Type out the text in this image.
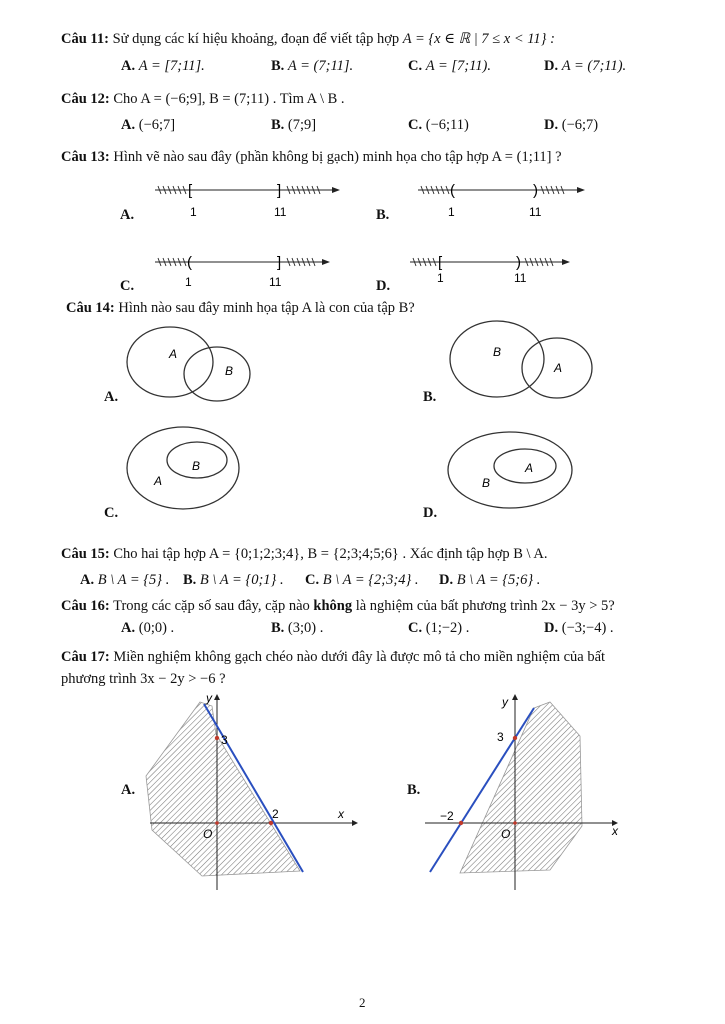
Câu 11: Sử dụng các kí hiệu khoảng, đoạn để viết tập hợp A = {x ∈ ℝ | 7 ≤ x < 11} :
A. A = [7;11].	B. A = (7;11].	C. A = [7;11).	D. A = (7;11).
Câu 12: Cho A = (−6;9], B = (7;11) . Tìm A \ B .
A. (−6;7]	B. (7;9]	C. (−6;11)	D. (−6;7)
Câu 13: Hình vẽ nào sau đây (phần không bị gạch) minh họa cho tập hợp A = (1;11] ?
[	]
1	11
A.
(	)
1	11
B.
(	]
1	11
C.
[	)
1	11
D.
Câu 14: Hình nào sau đây minh họa tập A là con của tập B?
A
B
A.
B
A
B.
B
A
C.
A
B
D.
Câu 15: Cho hai tập hợp A = {0;1;2;3;4}, B = {2;3;4;5;6} . Xác định tập hợp B \ A.
A. B \ A = {5} . B. B \ A = {0;1} . C. B \ A = {2;3;4} . D. B \ A = {5;6} .
Câu 16: Trong các cặp số sau đây, cặp nào không là nghiệm của bất phương trình 2x − 3y > 5?
A. (0;0) .	B. (3;0) .	C. (1;−2) .	D. (−3;−4) .
Câu 17: Miền nghiệm không gạch chéo nào dưới đây là được mô tả cho miền nghiệm của bất
phương trình 3x − 2y > −6 ?
y
x
3
2
O
A.
y
x
3
−2
O
B.
2
